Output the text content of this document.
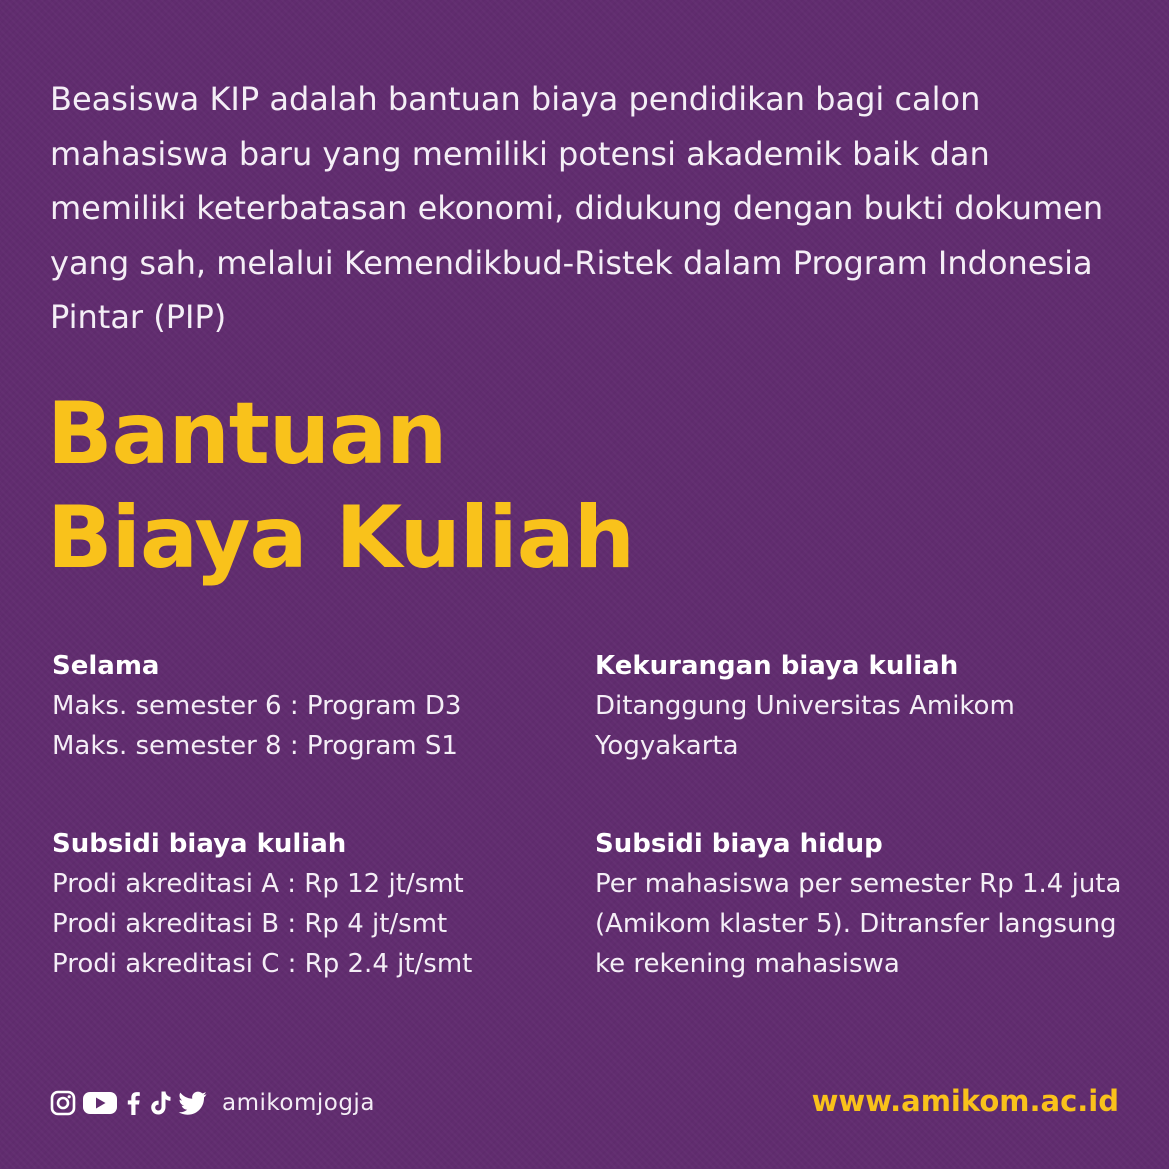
Beasiswa KIP adalah bantuan biaya pendidikan bagi calon mahasiswa baru yang memiliki potensi akademik baik dan memiliki keterbatasan ekonomi, didukung dengan bukti dokumen yang sah, melalui Kemendikbud-Ristek dalam Program Indonesia Pintar (PIP)

Bantuan
Biaya Kuliah
Selama
Maks. semester 6 : Program D3
Maks. semester 8 : Program S1
Kekurangan biaya kuliah
Ditanggung Universitas Amikom Yogyakarta
Subsidi biaya kuliah
Prodi akreditasi A : Rp 12 jt/smt
Prodi akreditasi B : Rp 4 jt/smt
Prodi akreditasi C : Rp 2.4 jt/smt
Subsidi biaya hidup
Per mahasiswa per semester Rp 1.4 juta (Amikom klaster 5). Ditransfer langsung ke rekening mahasiswa
amikomjogja	www.amikom.ac.id
